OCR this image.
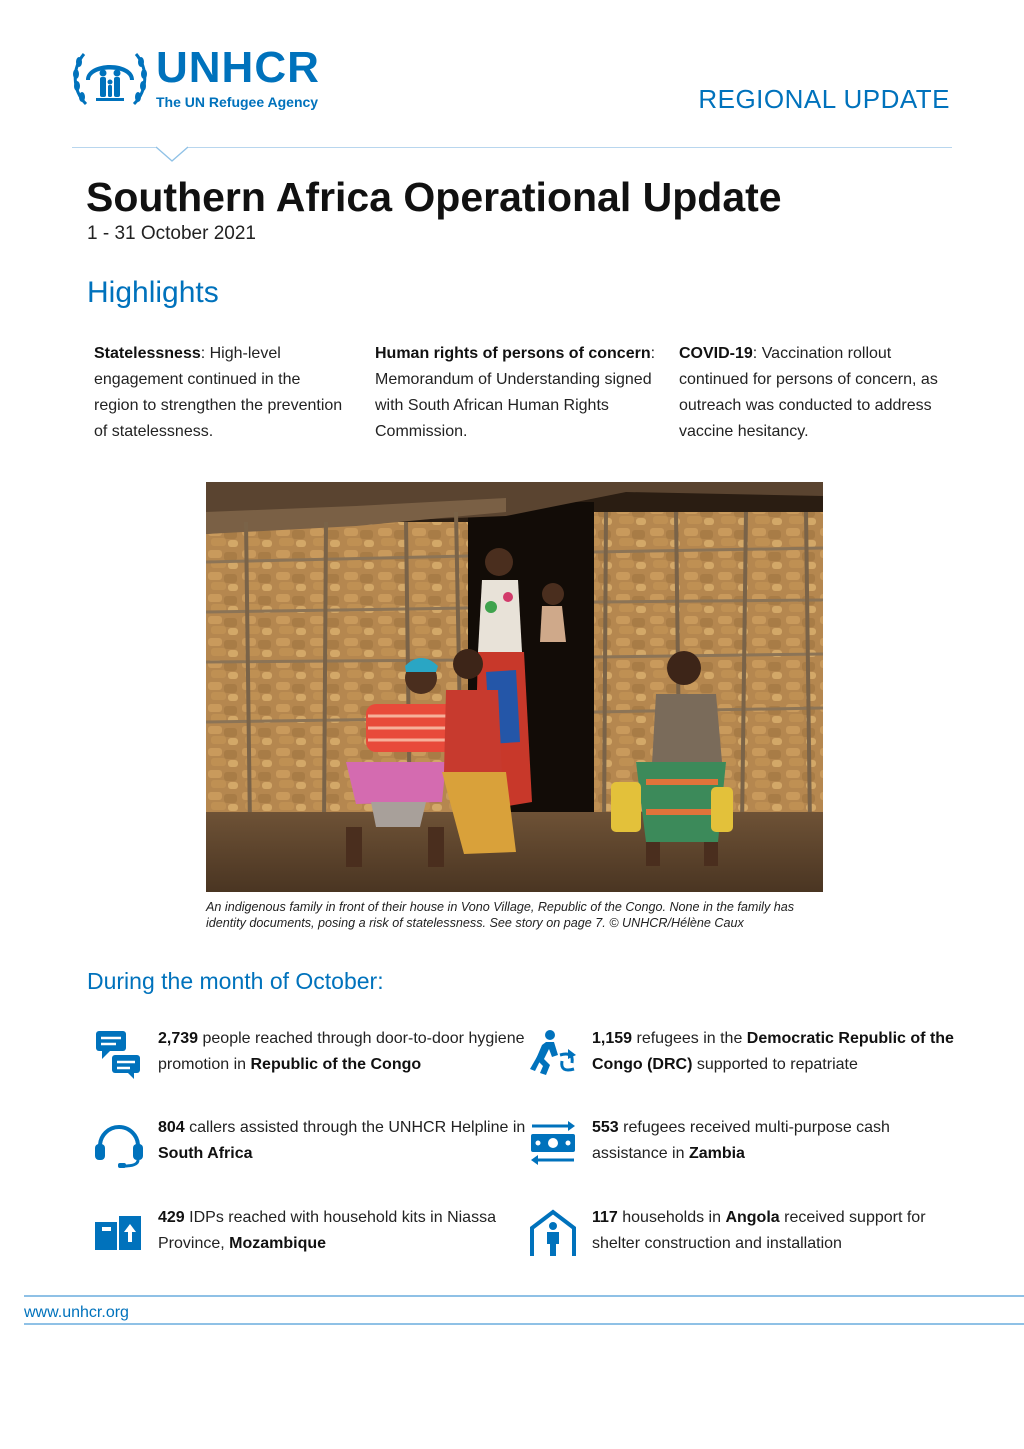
UNHCR
The UN Refugee Agency	REGIONAL UPDATE
Southern Africa Operational Update
1 - 31 October 2021
Highlights
Statelessness: High-level engagement continued in the region to strengthen the prevention of statelessness.
Human rights of persons of concern: Memorandum of Understanding signed with South African Human Rights Commission.
COVID-19: Vaccination rollout continued for persons of concern, as outreach was conducted to address vaccine hesitancy.
An indigenous family in front of their house in Vono Village, Republic of the Congo. None in the family has identity documents, posing a risk of statelessness. See story on page 7. © UNHCR/Hélène Caux
During the month of October:
2,739 people reached through door-to-door hygiene promotion in Republic of the Congo
1,159 refugees in the Democratic Republic of the Congo (DRC) supported to repatriate
804 callers assisted through the UNHCR Helpline in South Africa
553 refugees received multi-purpose cash assistance in Zambia
429 IDPs reached with household kits in Niassa Province, Mozambique
117 households in Angola received support for shelter construction and installation
www.unhcr.org
